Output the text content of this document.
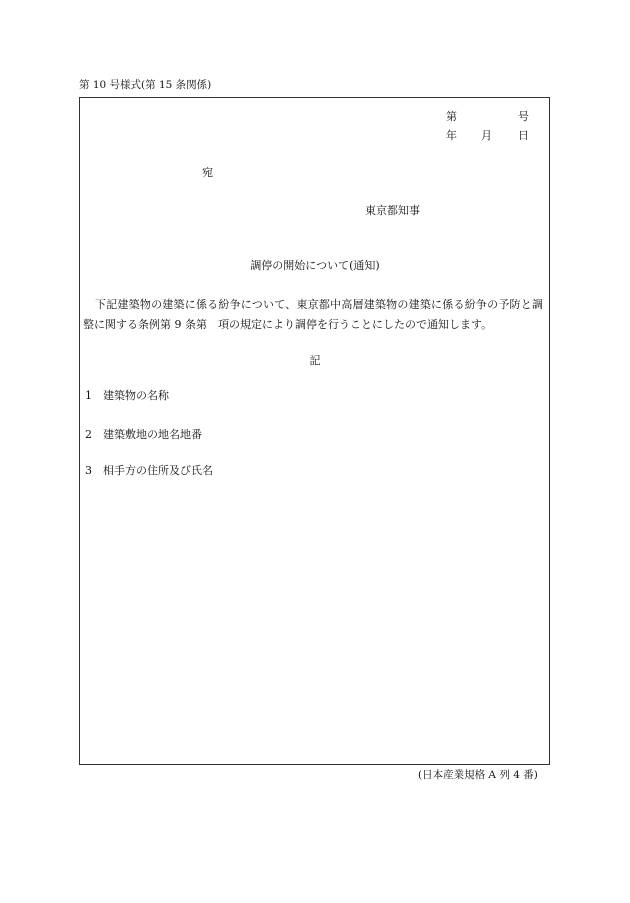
第 10 号様式(第 15 条関係)
第	号
年 月 日
宛
東京都知事
調停の開始について(通知)
下記建築物の建築に係る紛争について、東京都中高層建築物の建築に係る紛争の予防と調整に関する条例第 9 条第　項の規定により調停を行うことにしたので通知します。
記
1 建築物の名称
2 建築敷地の地名地番
3 相手方の住所及び氏名
(日本産業規格 A 列 4 番)
